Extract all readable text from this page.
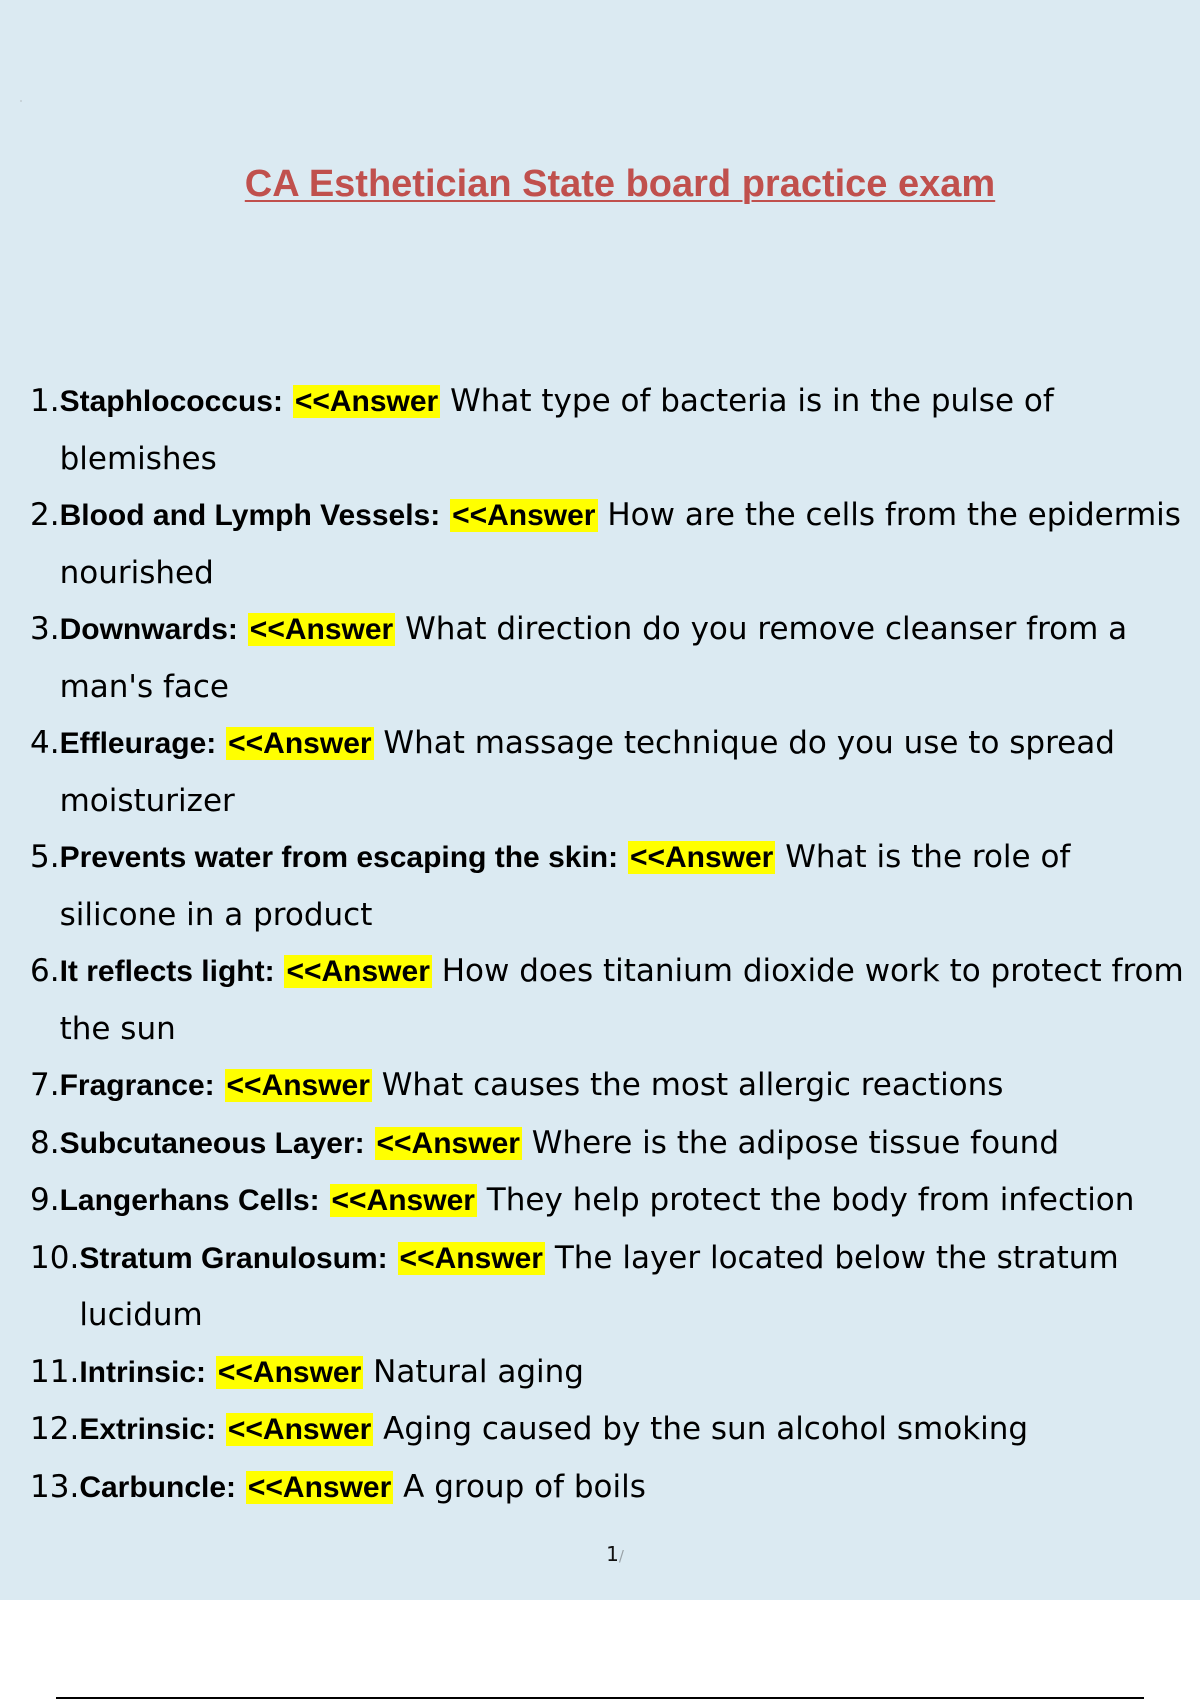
CA Esthetician State board practice exam
1. Staphlococcus: <<Answer What type of bacteria is in the pulse of blemishes
2. Blood and Lymph Vessels: <<Answer How are the cells from the epidermis nourished
3. Downwards: <<Answer What direction do you remove cleanser from a man's face
4. Effleurage: <<Answer What massage technique do you use to spread moisturizer
5. Prevents water from escaping the skin: <<Answer What is the role of silicone in a product
6. It reflects light: <<Answer How does titanium dioxide work to protect from the sun
7. Fragrance: <<Answer What causes the most allergic reactions
8. Subcutaneous Layer: <<Answer Where is the adipose tissue found
9. Langerhans Cells: <<Answer They help protect the body from infection
10. Stratum Granulosum: <<Answer The layer located below the stratum lucidum
11. Intrinsic: <<Answer Natural aging
12. Extrinsic: <<Answer Aging caused by the sun alcohol smoking
13. Carbuncle: <<Answer A group of boils
1/
